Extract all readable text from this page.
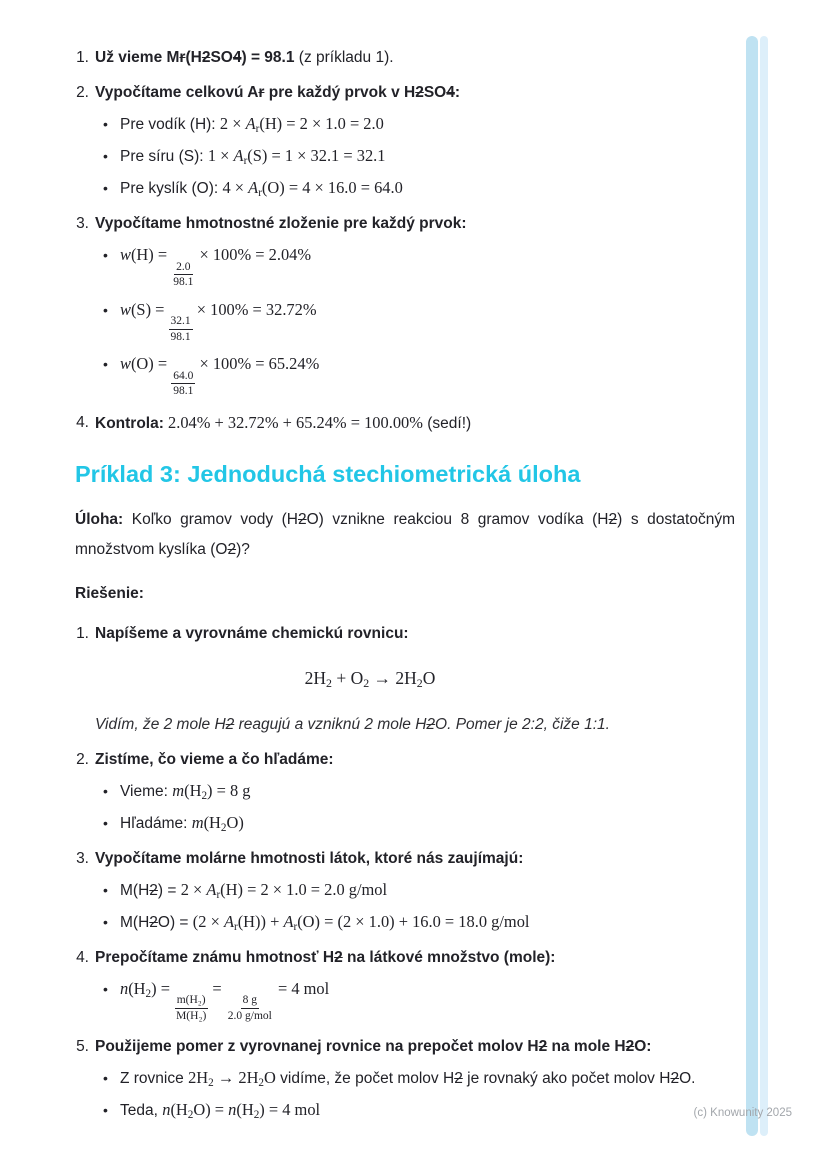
1. Už vieme Mr(H2SO4) = 98.1 (z príkladu 1).
2. Vypočítame celkovú Ar pre každý prvok v H2SO4:
• Pre vodík (H): $2 \times A_r(H) = 2 \times 1.0 = 2.0$
• Pre síru (S): $1 \times A_r(S) = 1 \times 32.1 = 32.1$
• Pre kyslík (O): $4 \times A_r(O) = 4 \times 16.0 = 64.0$
3. Vypočítame hmotnostné zloženie pre každý prvok:
• w(H) =
$\frac{2.0}{98.1}$
× 100% = 2.04%
• w(S) =
$\frac{32.1}{98.1}$
× 100% = 32.72%
• w(O) =
$\frac{64.0}{98.1}$
× 100% = 65.24%
4. Kontrola: 2.04% + 32.72% + 65.24% = 100.00% (sedí!)
Príklad 3: Jednoduchá stechiometrická úloha
Úloha: Koľko gramov vody (H2O) vznikne reakciou 8 gramov vodíka (H2) s dostatočným množstvom kyslíka (O2)?
Riešenie:
1. Napíšeme a vyrovnáme chemickú rovnicu:
$2H_2 + O_2 \to 2H_2O$
Vidím, že 2 mole H2 reagujú a vzniknú 2 mole H2O. Pomer je 2:2, čiže 1:1.
2. Zistíme, čo vieme a čo hľadáme:
• Vieme: $m(H_2) = 8$ g
• Hľadáme: $m(H_2O)$
3. Vypočítame molárne hmotnosti látok, ktoré nás zaujímajú:
• $M(H2) = 2 \times A_r(H) = 2 \times 1.0 = 2.0$ g/mol
• $M(H2O) = (2 \times A_r(H)) + A_r(O) = (2 \times 1.0) + 16.0 = 18.0$ g/mol
4. Prepočítame známu hmotnosť H2 na látkové množstvo (mole):
• $n(H_2)$ =
$\frac{\text{m(H₂)}}{\text{M(H₂)}}$
=
$\frac{8 g}{\text{2.0 g/mol}}$
= 4 mol
5. Použijeme pomer z vyrovnanej rovnice na prepočet molov H2 na mole H2O:
• Z rovnice $2H_2 \to 2H_2O$ vidíme, že počet molov H2 je rovnaký ako počet molov H2O.
• Teda, $n(H_2O) = n(H_2) = 4$ mol	(c) Knowunity 2025
